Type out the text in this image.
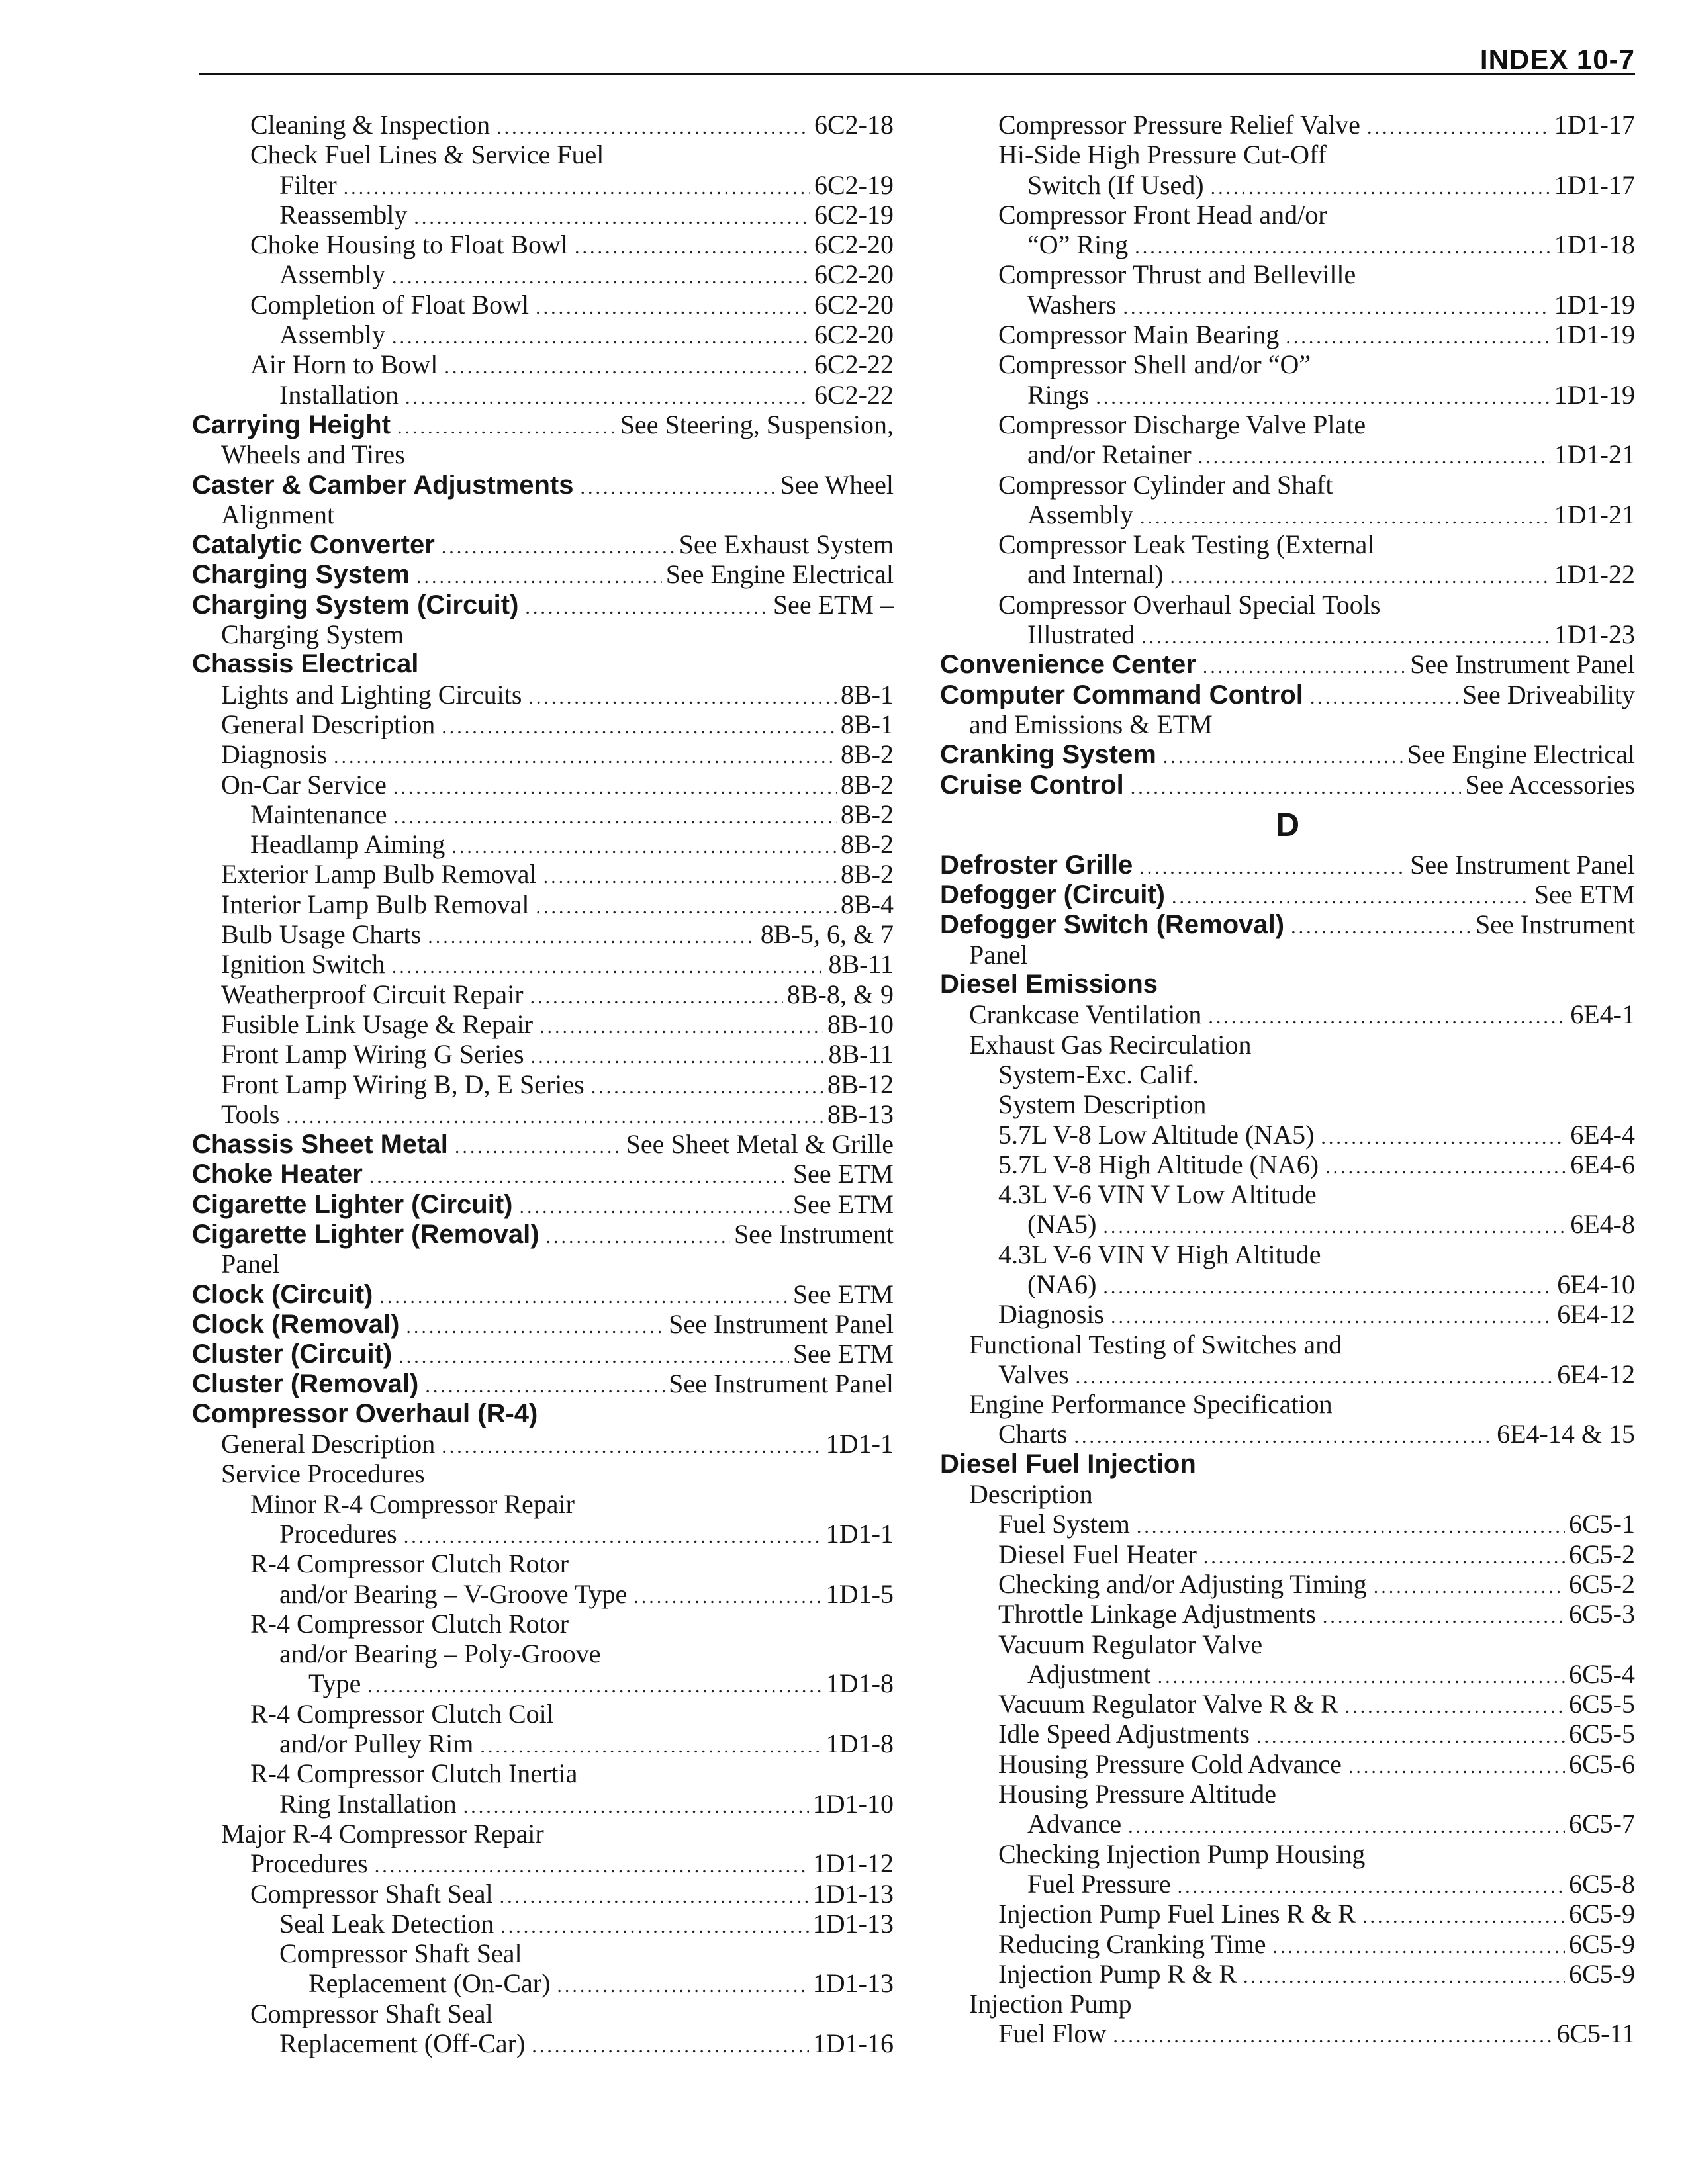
INDEX 10-7
Cleaning & Inspection .....	6C2-18
Check Fuel Lines & Service Fuel
Filter .....	6C2-19
Reassembly .....	6C2-19
Choke Housing to Float Bowl .....	6C2-20
Assembly .....	6C2-20
Completion of Float Bowl .....	6C2-20
Assembly .....	6C2-20
Air Horn to Bowl .....	6C2-22
Installation .....	6C2-22
Carrying Height .....	See Steering, Suspension,
Wheels and Tires
Caster & Camber Adjustments .....	See Wheel
Alignment
Catalytic Converter .....	See Exhaust System
Charging System .....	See Engine Electrical
Charging System (Circuit) .....	See ETM –
Charging System
Chassis Electrical
Lights and Lighting Circuits .....	8B-1
General Description .....	8B-1
Diagnosis .....	8B-2
On-Car Service .....	8B-2
Maintenance .....	8B-2
Headlamp Aiming .....	8B-2
Exterior Lamp Bulb Removal .....	8B-2
Interior Lamp Bulb Removal .....	8B-4
Bulb Usage Charts .....	8B-5, 6, & 7
Ignition Switch .....	8B-11
Weatherproof Circuit Repair .....	8B-8, & 9
Fusible Link Usage & Repair .....	8B-10
Front Lamp Wiring G Series .....	8B-11
Front Lamp Wiring B, D, E Series .....	8B-12
Tools .....	8B-13
Chassis Sheet Metal .....	See Sheet Metal & Grille
Choke Heater .....	See ETM
Cigarette Lighter (Circuit) .....	See ETM
Cigarette Lighter (Removal) .....	See Instrument
Panel
Clock (Circuit) .....	See ETM
Clock (Removal) .....	See Instrument Panel
Cluster (Circuit) .....	See ETM
Cluster (Removal) .....	See Instrument Panel
Compressor Overhaul (R-4)
General Description .....	1D1-1
Service Procedures
Minor R-4 Compressor Repair
Procedures .....	1D1-1
R-4 Compressor Clutch Rotor
and/or Bearing – V-Groove Type .....	1D1-5
R-4 Compressor Clutch Rotor
and/or Bearing – Poly-Groove
Type .....	1D1-8
R-4 Compressor Clutch Coil
and/or Pulley Rim .....	1D1-8
R-4 Compressor Clutch Inertia
Ring Installation .....	1D1-10
Major R-4 Compressor Repair
Procedures .....	1D1-12
Compressor Shaft Seal .....	1D1-13
Seal Leak Detection .....	1D1-13
Compressor Shaft Seal
Replacement (On-Car) .....	1D1-13
Compressor Shaft Seal
Replacement (Off-Car) .....	1D1-16
Compressor Pressure Relief Valve .....	1D1-17
Hi-Side High Pressure Cut-Off
Switch (If Used) .....	1D1-17
Compressor Front Head and/or
“O” Ring .....	1D1-18
Compressor Thrust and Belleville
Washers .....	1D1-19
Compressor Main Bearing .....	1D1-19
Compressor Shell and/or “O”
Rings .....	1D1-19
Compressor Discharge Valve Plate
and/or Retainer .....	1D1-21
Compressor Cylinder and Shaft
Assembly .....	1D1-21
Compressor Leak Testing (External
and Internal) .....	1D1-22
Compressor Overhaul Special Tools
Illustrated .....	1D1-23
Convenience Center .....	See Instrument Panel
Computer Command Control .....	See Driveability
and Emissions & ETM
Cranking System .....	See Engine Electrical
Cruise Control .....	See Accessories
D
Defroster Grille .....	See Instrument Panel
Defogger (Circuit) .....	See ETM
Defogger Switch (Removal) .....	See Instrument
Panel
Diesel Emissions
Crankcase Ventilation .....	6E4-1
Exhaust Gas Recirculation
System-Exc. Calif.
System Description
5.7L V-8 Low Altitude (NA5) .....	6E4-4
5.7L V-8 High Altitude (NA6) .....	6E4-6
4.3L V-6 VIN V Low Altitude
(NA5) .....	6E4-8
4.3L V-6 VIN V High Altitude
(NA6) .....	6E4-10
Diagnosis .....	6E4-12
Functional Testing of Switches and
Valves .....	6E4-12
Engine Performance Specification
Charts .....	6E4-14 & 15
Diesel Fuel Injection
Description
Fuel System .....	6C5-1
Diesel Fuel Heater .....	6C5-2
Checking and/or Adjusting Timing .....	6C5-2
Throttle Linkage Adjustments .....	6C5-3
Vacuum Regulator Valve
Adjustment .....	6C5-4
Vacuum Regulator Valve R & R .....	6C5-5
Idle Speed Adjustments .....	6C5-5
Housing Pressure Cold Advance .....	6C5-6
Housing Pressure Altitude
Advance .....	6C5-7
Checking Injection Pump Housing
Fuel Pressure .....	6C5-8
Injection Pump Fuel Lines R & R .....	6C5-9
Reducing Cranking Time .....	6C5-9
Injection Pump R & R .....	6C5-9
Injection Pump
Fuel Flow .....	6C5-11
